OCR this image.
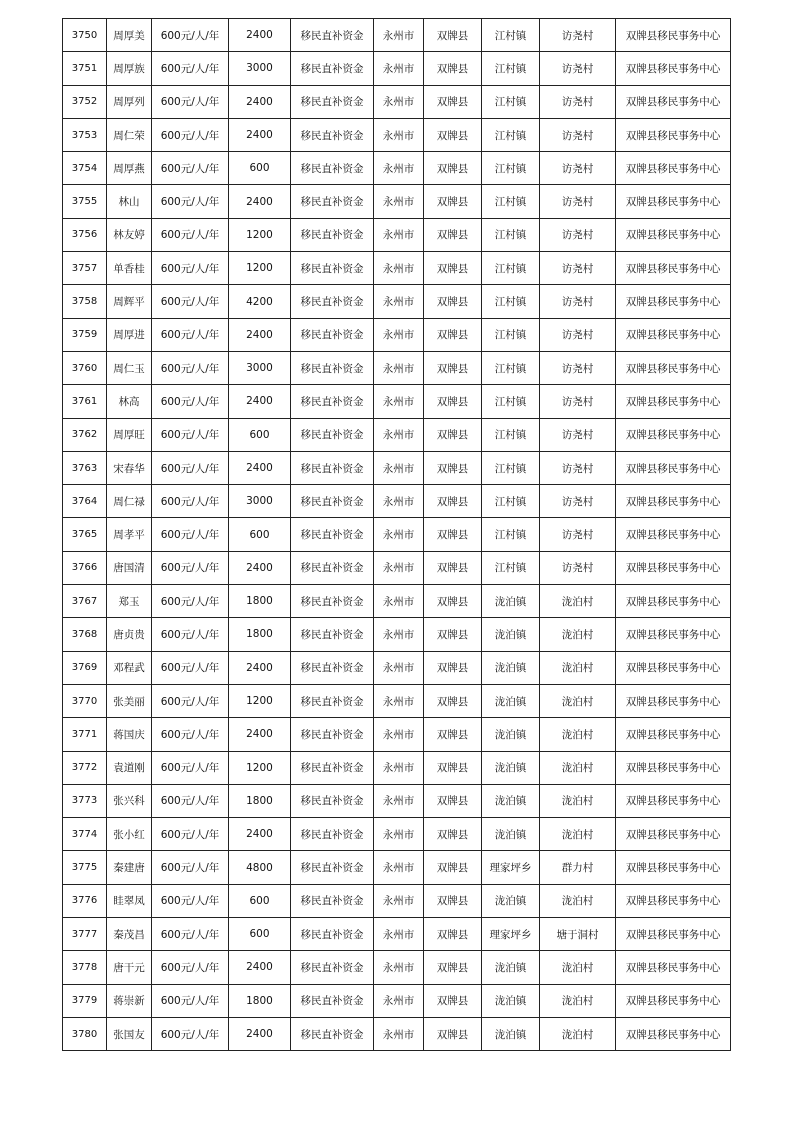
3750	周厚美	600元/人/年	2400	移民直补资金	永州市	双牌县	江村镇	访尧村	双牌县移民事务中心
3751	周厚族	600元/人/年	3000	移民直补资金	永州市	双牌县	江村镇	访尧村	双牌县移民事务中心
3752	周厚列	600元/人/年	2400	移民直补资金	永州市	双牌县	江村镇	访尧村	双牌县移民事务中心
3753	周仁荣	600元/人/年	2400	移民直补资金	永州市	双牌县	江村镇	访尧村	双牌县移民事务中心
3754	周厚燕	600元/人/年	600	移民直补资金	永州市	双牌县	江村镇	访尧村	双牌县移民事务中心
3755	林山	600元/人/年	2400	移民直补资金	永州市	双牌县	江村镇	访尧村	双牌县移民事务中心
3756	林友婷	600元/人/年	1200	移民直补资金	永州市	双牌县	江村镇	访尧村	双牌县移民事务中心
3757	单香桂	600元/人/年	1200	移民直补资金	永州市	双牌县	江村镇	访尧村	双牌县移民事务中心
3758	周辉平	600元/人/年	4200	移民直补资金	永州市	双牌县	江村镇	访尧村	双牌县移民事务中心
3759	周厚进	600元/人/年	2400	移民直补资金	永州市	双牌县	江村镇	访尧村	双牌县移民事务中心
3760	周仁玉	600元/人/年	3000	移民直补资金	永州市	双牌县	江村镇	访尧村	双牌县移民事务中心
3761	林高	600元/人/年	2400	移民直补资金	永州市	双牌县	江村镇	访尧村	双牌县移民事务中心
3762	周厚旺	600元/人/年	600	移民直补资金	永州市	双牌县	江村镇	访尧村	双牌县移民事务中心
3763	宋春华	600元/人/年	2400	移民直补资金	永州市	双牌县	江村镇	访尧村	双牌县移民事务中心
3764	周仁禄	600元/人/年	3000	移民直补资金	永州市	双牌县	江村镇	访尧村	双牌县移民事务中心
3765	周孝平	600元/人/年	600	移民直补资金	永州市	双牌县	江村镇	访尧村	双牌县移民事务中心
3766	唐国清	600元/人/年	2400	移民直补资金	永州市	双牌县	江村镇	访尧村	双牌县移民事务中心
3767	郑玉	600元/人/年	1800	移民直补资金	永州市	双牌县	泷泊镇	泷泊村	双牌县移民事务中心
3768	唐贞贵	600元/人/年	1800	移民直补资金	永州市	双牌县	泷泊镇	泷泊村	双牌县移民事务中心
3769	邓程武	600元/人/年	2400	移民直补资金	永州市	双牌县	泷泊镇	泷泊村	双牌县移民事务中心
3770	张美丽	600元/人/年	1200	移民直补资金	永州市	双牌县	泷泊镇	泷泊村	双牌县移民事务中心
3771	蒋国庆	600元/人/年	2400	移民直补资金	永州市	双牌县	泷泊镇	泷泊村	双牌县移民事务中心
3772	袁道刚	600元/人/年	1200	移民直补资金	永州市	双牌县	泷泊镇	泷泊村	双牌县移民事务中心
3773	张兴科	600元/人/年	1800	移民直补资金	永州市	双牌县	泷泊镇	泷泊村	双牌县移民事务中心
3774	张小红	600元/人/年	2400	移民直补资金	永州市	双牌县	泷泊镇	泷泊村	双牌县移民事务中心
3775	秦建唐	600元/人/年	4800	移民直补资金	永州市	双牌县	理家坪乡	群力村	双牌县移民事务中心
3776	眭翠凤	600元/人/年	600	移民直补资金	永州市	双牌县	泷泊镇	泷泊村	双牌县移民事务中心
3777	秦茂昌	600元/人/年	600	移民直补资金	永州市	双牌县	理家坪乡	塘于洞村	双牌县移民事务中心
3778	唐干元	600元/人/年	2400	移民直补资金	永州市	双牌县	泷泊镇	泷泊村	双牌县移民事务中心
3779	蒋崇新	600元/人/年	1800	移民直补资金	永州市	双牌县	泷泊镇	泷泊村	双牌县移民事务中心
3780	张国友	600元/人/年	2400	移民直补资金	永州市	双牌县	泷泊镇	泷泊村	双牌县移民事务中心
